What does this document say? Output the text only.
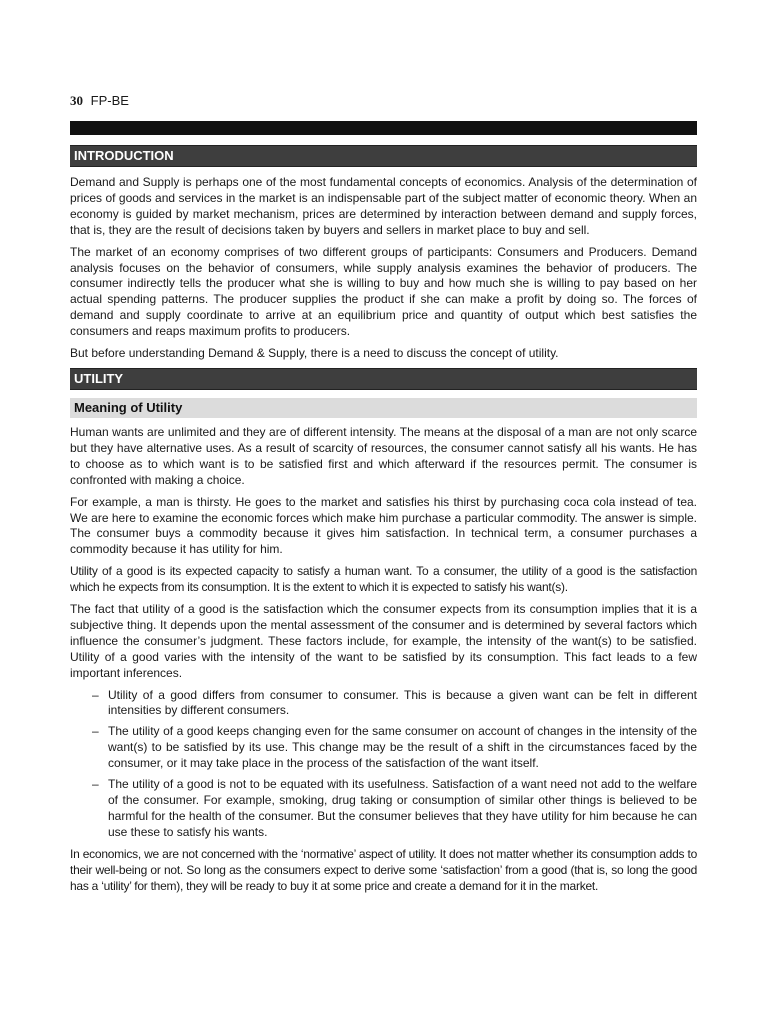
30 FP-BE
INTRODUCTION

Demand and Supply is perhaps one of the most fundamental concepts of economics. Analysis of the determination of prices of goods and services in the market is an indispensable part of the subject matter of economic theory. When an economy is guided by market mechanism, prices are determined by interaction between demand and supply forces, that is, they are the result of decisions taken by buyers and sellers in market place to buy and sell.

The market of an economy comprises of two different groups of participants: Consumers and Producers. Demand analysis focuses on the behavior of consumers, while supply analysis examines the behavior of producers. The consumer indirectly tells the producer what she is willing to buy and how much she is willing to pay based on her actual spending patterns. The producer supplies the product if she can make a profit by doing so. The forces of demand and supply coordinate to arrive at an equilibrium price and quantity of output which best satisfies the consumers and reaps maximum profits to producers.

But before understanding Demand & Supply, there is a need to discuss the concept of utility.

UTILITY
Meaning of Utility

Human wants are unlimited and they are of different intensity. The means at the disposal of a man are not only scarce but they have alternative uses. As a result of scarcity of resources, the consumer cannot satisfy all his wants. He has to choose as to which want is to be satisfied first and which afterward if the resources permit. The consumer is confronted with making a choice.

For example, a man is thirsty. He goes to the market and satisfies his thirst by purchasing coca cola instead of tea. We are here to examine the economic forces which make him purchase a particular commodity. The answer is simple. The consumer buys a commodity because it gives him satisfaction. In technical term, a consumer purchases a commodity because it has utility for him.

Utility of a good is its expected capacity to satisfy a human want. To a consumer, the utility of a good is the satisfaction which he expects from its consumption. It is the extent to which it is expected to satisfy his want(s).

The fact that utility of a good is the satisfaction which the consumer expects from its consumption implies that it is a subjective thing. It depends upon the mental assessment of the consumer and is determined by several factors which influence the consumer’s judgment. These factors include, for example, the intensity of the want(s) to be satisfied. Utility of a good varies with the intensity of the want to be satisfied by its consumption. This fact leads to a few important inferences.

– Utility of a good differs from consumer to consumer. This is because a given want can be felt in different intensities by different consumers.
– The utility of a good keeps changing even for the same consumer on account of changes in the intensity of the want(s) to be satisfied by its use. This change may be the result of a shift in the circumstances faced by the consumer, or it may take place in the process of the satisfaction of the want itself.
– The utility of a good is not to be equated with its usefulness. Satisfaction of a want need not add to the welfare of the consumer. For example, smoking, drug taking or consumption of similar other things is believed to be harmful for the health of the consumer. But the consumer believes that they have utility for him because he can use these to satisfy his wants.

In economics, we are not concerned with the ‘normative’ aspect of utility. It does not matter whether its consumption adds to their well-being or not. So long as the consumers expect to derive some ‘satisfaction’ from a good (that is, so long the good has a ‘utility’ for them), they will be ready to buy it at some price and create a demand for it in the market.
